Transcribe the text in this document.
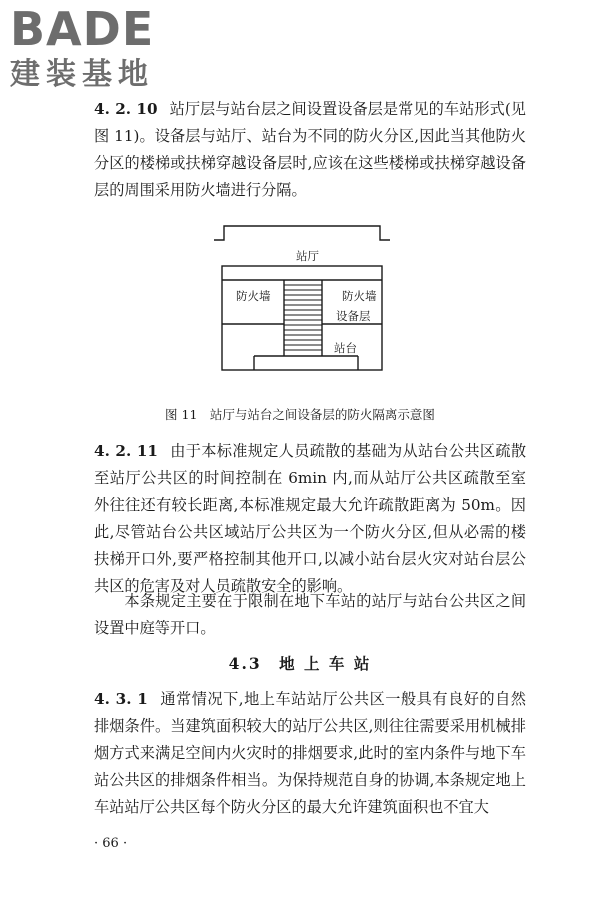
BADE
建装基地

4. 2. 10 站厅层与站台层之间设置设备层是常见的车站形式(见图 11)。设备层与站厅、站台为不同的防火分区,因此当其他防火分区的楼梯或扶梯穿越设备层时,应该在这些楼梯或扶梯穿越设备层的周围采用防火墙进行分隔。

站厅
防火墙	防火墙
设备层
站台
图 11　站厅与站台之间设备层的防火隔离示意图

4. 2. 11 由于本标准规定人员疏散的基础为从站台公共区疏散至站厅公共区的时间控制在 6min 内,而从站厅公共区疏散至室外往往还有较长距离,本标准规定最大允许疏散距离为 50m。因此,尽管站台公共区域站厅公共区为一个防火分区,但从必需的楼扶梯开口外,要严格控制其他开口,以减小站台层火灾对站台层公共区的危害及对人员疏散安全的影响。

本条规定主要在于限制在地下车站的站厅与站台公共区之间设置中庭等开口。

4.3　地 上 车 站

4. 3. 1 通常情况下,地上车站站厅公共区一般具有良好的自然排烟条件。当建筑面积较大的站厅公共区,则往往需要采用机械排烟方式来满足空间内火灾时的排烟要求,此时的室内条件与地下车站公共区的排烟条件相当。为保持规范自身的协调,本条规定地上车站站厅公共区每个防火分区的最大允许建筑面积也不宜大

· 66 ·
